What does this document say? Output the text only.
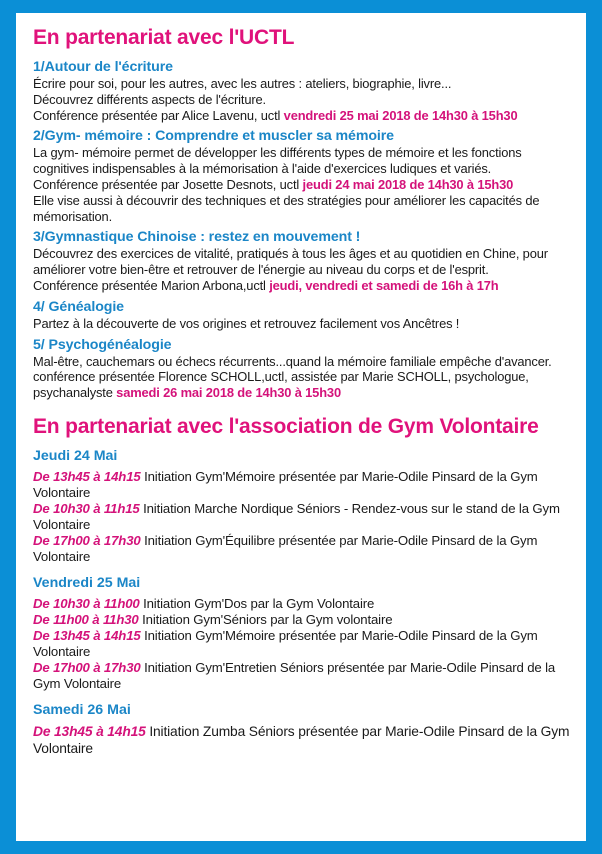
En partenariat avec l'UCTL
1/Autour de l'écriture
Écrire pour soi, pour les autres, avec les autres : ateliers, biographie, livre...
Découvrez différents aspects de l'écriture.
Conférence présentée par Alice Lavenu, uctl vendredi 25 mai 2018 de 14h30 à 15h30
2/Gym- mémoire : Comprendre et muscler sa mémoire
La gym- mémoire permet de développer les différents types de mémoire et les fonctions cognitives indispensables à la mémorisation à l'aide d'exercices ludiques et variés.
Conférence présentée par Josette Desnots, uctl jeudi 24 mai 2018 de 14h30 à 15h30
Elle vise aussi à découvrir des techniques et des stratégies pour améliorer les capacités de mémorisation.
3/Gymnastique Chinoise : restez en mouvement !
Découvrez des exercices de vitalité, pratiqués à tous les âges et au quotidien en Chine, pour améliorer votre bien-être et retrouver de l'énergie au niveau du corps et de l'esprit.
Conférence présentée Marion Arbona,uctl jeudi, vendredi et samedi de 16h à 17h
4/ Généalogie
Partez à la découverte de vos origines et retrouvez facilement vos Ancêtres !
5/ Psychogénéalogie
Mal-être, cauchemars ou échecs récurrents...quand la mémoire familiale empêche d'avancer.
conférence présentée Florence SCHOLL,uctl, assistée par Marie SCHOLL, psychologue, psychanalyste samedi 26 mai 2018 de 14h30 à 15h30
En partenariat avec l'association de Gym Volontaire
Jeudi 24 Mai
De 13h45 à 14h15 Initiation Gym'Mémoire présentée par Marie-Odile Pinsard de la Gym Volontaire
De 10h30 à 11h15 Initiation Marche Nordique Séniors - Rendez-vous sur le stand de la Gym Volontaire
De 17h00 à 17h30 Initiation Gym'Équilibre présentée par Marie-Odile Pinsard de la Gym Volontaire
Vendredi 25 Mai
De 10h30 à 11h00 Initiation Gym'Dos par la Gym Volontaire
De 11h00 à 11h30 Initiation Gym'Séniors par la Gym volontaire
De 13h45 à 14h15 Initiation Gym'Mémoire présentée par Marie-Odile Pinsard de la Gym Volontaire
De 17h00 à 17h30 Initiation Gym'Entretien Séniors présentée par Marie-Odile Pinsard de la Gym Volontaire
Samedi 26 Mai
De 13h45 à 14h15 Initiation Zumba Séniors présentée par Marie-Odile Pinsard de la Gym Volontaire
